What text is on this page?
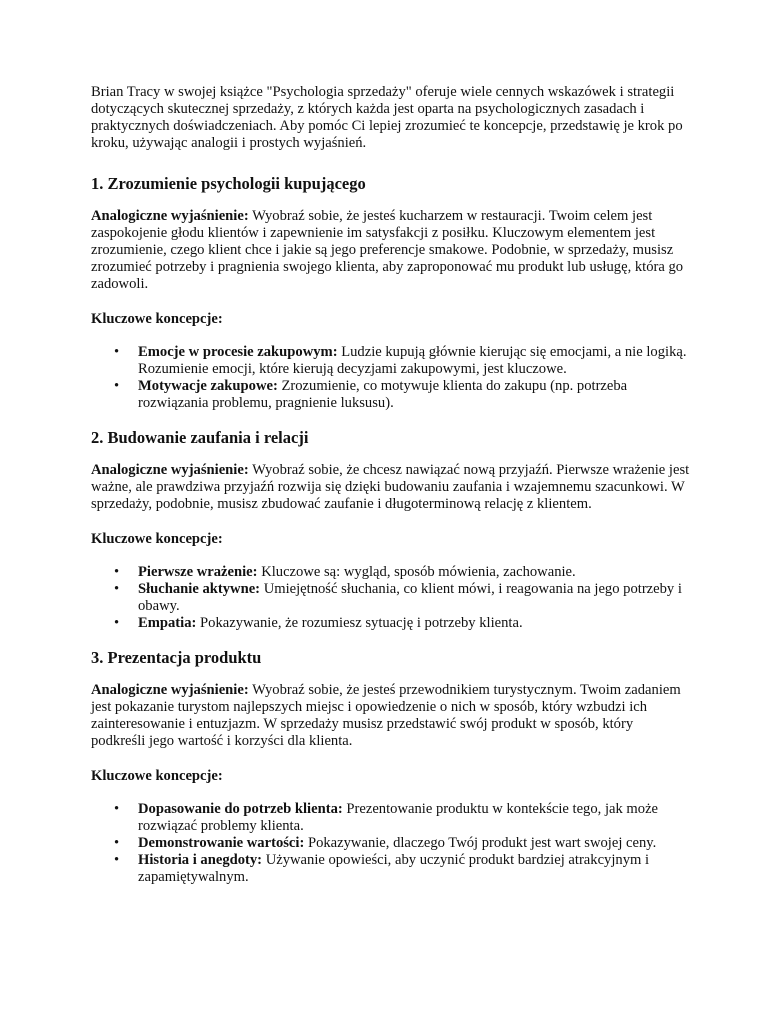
Brian Tracy w swojej książce "Psychologia sprzedaży" oferuje wiele cennych wskazówek i strategii dotyczących skutecznej sprzedaży, z których każda jest oparta na psychologicznych zasadach i praktycznych doświadczeniach. Aby pomóc Ci lepiej zrozumieć te koncepcje, przedstawię je krok po kroku, używając analogii i prostych wyjaśnień.

1. Zrozumienie psychologii kupującego

Analogiczne wyjaśnienie: Wyobraź sobie, że jesteś kucharzem w restauracji. Twoim celem jest zaspokojenie głodu klientów i zapewnienie im satysfakcji z posiłku. Kluczowym elementem jest zrozumienie, czego klient chce i jakie są jego preferencje smakowe. Podobnie, w sprzedaży, musisz zrozumieć potrzeby i pragnienia swojego klienta, aby zaproponować mu produkt lub usługę, która go zadowoli.

Kluczowe koncepcje:

• Emocje w procesie zakupowym: Ludzie kupują głównie kierując się emocjami, a nie logiką. Rozumienie emocji, które kierują decyzjami zakupowymi, jest kluczowe.
• Motywacje zakupowe: Zrozumienie, co motywuje klienta do zakupu (np. potrzeba rozwiązania problemu, pragnienie luksusu).
2. Budowanie zaufania i relacji

Analogiczne wyjaśnienie: Wyobraź sobie, że chcesz nawiązać nową przyjaźń. Pierwsze wrażenie jest ważne, ale prawdziwa przyjaźń rozwija się dzięki budowaniu zaufania i wzajemnemu szacunkowi. W sprzedaży, podobnie, musisz zbudować zaufanie i długoterminową relację z klientem.

Kluczowe koncepcje:

• Pierwsze wrażenie: Kluczowe są: wygląd, sposób mówienia, zachowanie.
• Słuchanie aktywne: Umiejętność słuchania, co klient mówi, i reagowania na jego potrzeby i obawy.
• Empatia: Pokazywanie, że rozumiesz sytuację i potrzeby klienta.
3. Prezentacja produktu

Analogiczne wyjaśnienie: Wyobraź sobie, że jesteś przewodnikiem turystycznym. Twoim zadaniem jest pokazanie turystom najlepszych miejsc i opowiedzenie o nich w sposób, który wzbudzi ich zainteresowanie i entuzjazm. W sprzedaży musisz przedstawić swój produkt w sposób, który podkreśli jego wartość i korzyści dla klienta.

Kluczowe koncepcje:

• Dopasowanie do potrzeb klienta: Prezentowanie produktu w kontekście tego, jak może rozwiązać problemy klienta.
• Demonstrowanie wartości: Pokazywanie, dlaczego Twój produkt jest wart swojej ceny.
• Historia i anegdoty: Używanie opowieści, aby uczynić produkt bardziej atrakcyjnym i zapamiętywalnym.
